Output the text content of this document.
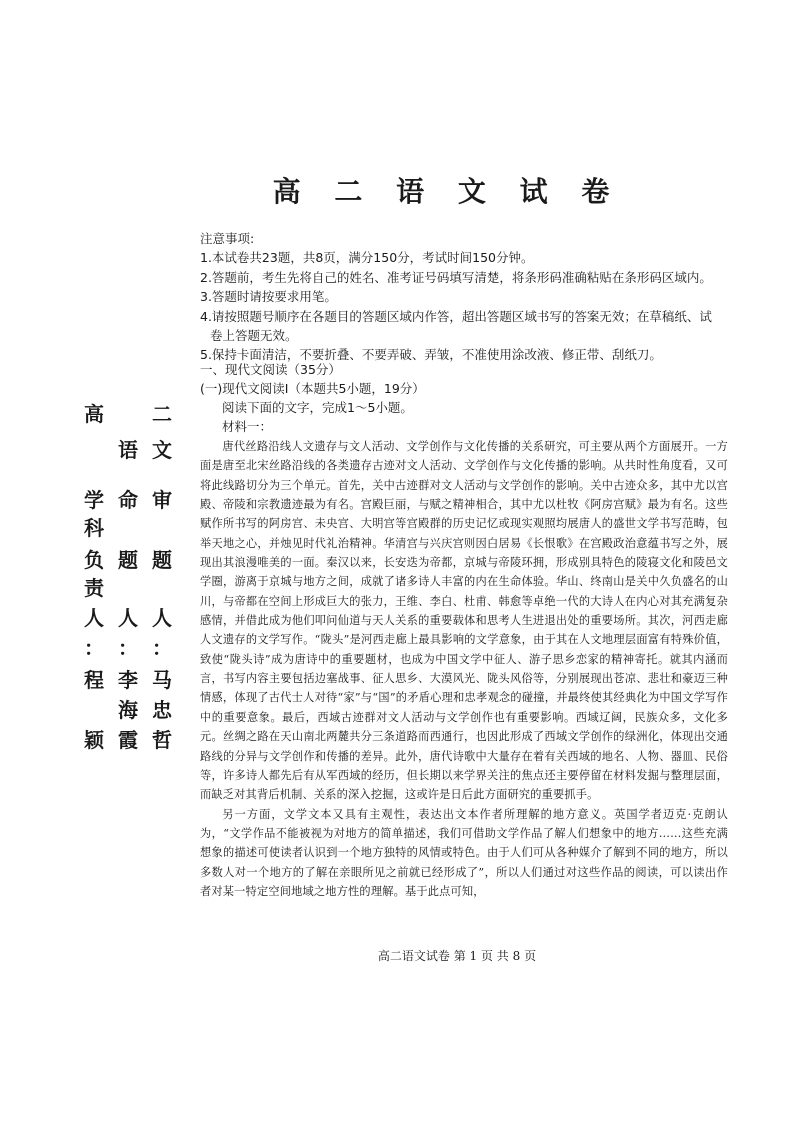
高 二 语 文 试 卷
注意事项:
1.本试卷共23题，共8页，满分150分，考试时间150分钟。
2.答题前，考生先将自己的姓名、准考证号码填写清楚，将条形码准确粘贴在条形码区域内。
3.答题时请按要求用笔。
4.请按照题号顺序在各题目的答题区域内作答，超出答题区域书写的答案无效；在草稿纸、试
卷上答题无效。
5.保持卡面清洁，不要折叠、不要弄破、弄皱，不准使用涂改液、修正带、刮纸刀。
一、现代文阅读（35分）
(一)现代文阅读Ⅰ（本题共5小题，19分）
阅读下面的文字，完成1～5小题。
材料一：

唐代丝路沿线人文遗存与文人活动、文学创作与文化传播的关系研究，可主要从两个方面展开。一方面是唐至北宋丝路沿线的各类遗存古迹对文人活动、文学创作与文化传播的影响。从共时性角度看，又可将此线路切分为三个单元。首先，关中古迹群对文人活动与文学创作的影响。关中古迹众多，其中尤以宫殿、帝陵和宗教遗迹最为有名。宫殿巨丽，与赋之精神相合，其中尤以杜牧《阿房宫赋》最为有名。这些赋作所书写的阿房宫、未央宫、大明宫等宫殿群的历史记忆或现实观照均展唐人的盛世文学书写范畴，包举天地之心，并烛见时代礼治精神。华清宫与兴庆宫则因白居易《长恨歌》在宫殿政治意蕴书写之外，展现出其浪漫唯美的一面。秦汉以来，长安迭为帝都，京城与帝陵环拥，形成别具特色的陵寝文化和陵邑文学圈，游离于京城与地方之间，成就了诸多诗人丰富的内在生命体验。华山、终南山是关中久负盛名的山川，与帝都在空间上形成巨大的张力，王维、李白、杜甫、韩愈等卓绝一代的大诗人在内心对其充满复杂感情，并借此成为他们叩问仙道与天人关系的重要载体和思考人生进退出处的重要场所。其次，河西走廊人文遗存的文学写作。“陇头”是河西走廊上最具影响的文学意象，由于其在人文地理层面富有特殊价值，致使“陇头诗”成为唐诗中的重要题材，也成为中国文学中征人、游子思乡恋家的精神寄托。就其内涵而言，书写内容主要包括边塞战事、征人思乡、大漠风光、陇头风俗等，分别展现出苍凉、悲壮和豪迈三种情感，体现了古代士人对待“家”与“国”的矛盾心理和忠孝观念的碰撞，并最终使其经典化为中国文学写作中的重要意象。最后，西域古迹群对文人活动与文学创作也有重要影响。西域辽阔，民族众多，文化多元。丝绸之路在天山南北两麓共分三条道路而西通行，也因此形成了西域文学创作的绿洲化，体现出交通路线的分异与文学创作和传播的差异。此外，唐代诗歌中大量存在着有关西域的地名、人物、器皿、民俗等，许多诗人都先后有从军西域的经历，但长期以来学界关注的焦点还主要停留在材料发掘与整理层面，而缺乏对其背后机制、关系的深入挖掘，这或许是日后此方面研究的重要抓手。

另一方面，文学文本又具有主观性，表达出文本作者所理解的地方意义。英国学者迈克·克朗认为，“文学作品不能被视为对地方的简单描述，我们可借助文学作品了解人们想象中的地方……这些充满想象的描述可使读者认识到一个地方独特的风情或特色。由于人们可从各种媒介了解到不同的地方，所以多数人对一个地方的了解在亲眼所见之前就已经形成了”，所以人们通过对这些作品的阅读，可以读出作者对某一特定空间地域之地方性的理解。基于此点可知，

高二语文试卷 第 1 页 共 8 页
高 二
语 文
学 命 审
科
负 题 题
责
人 人 人
： ： ：
程 李 马
海 忠
颖 霞 哲
